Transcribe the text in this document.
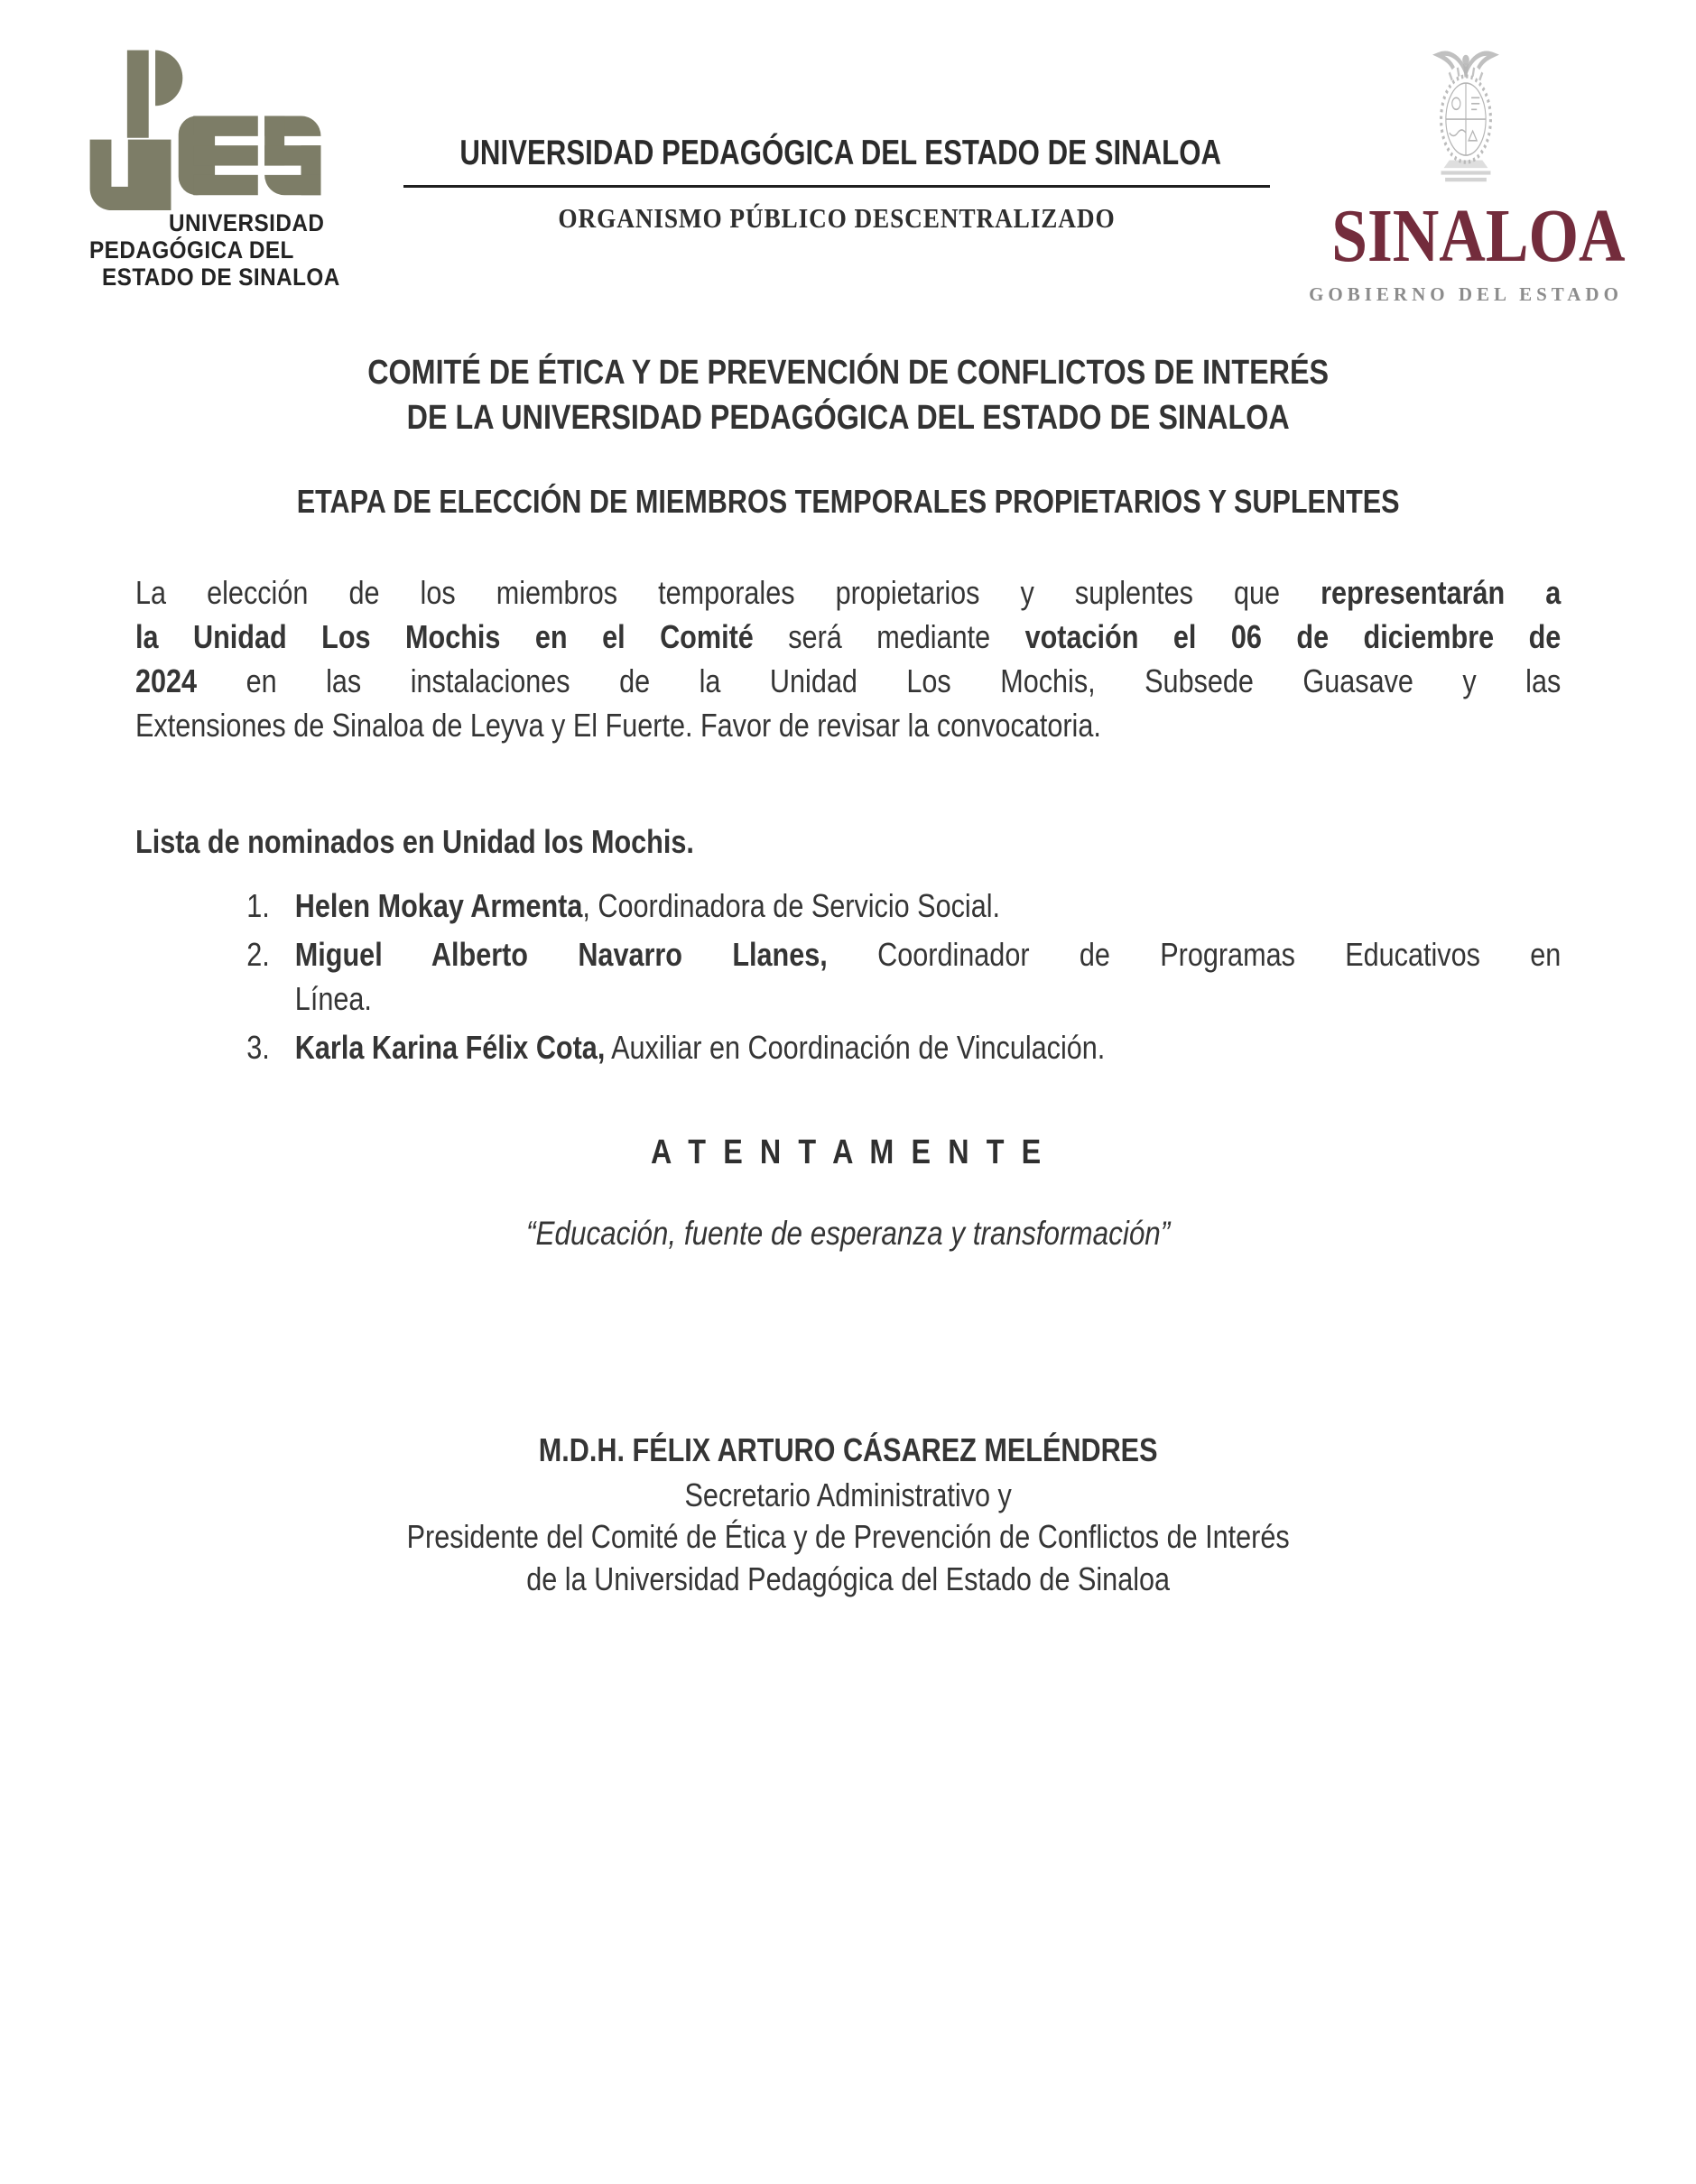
UNIVERSIDAD
PEDAGÓGICA DEL
ESTADO DE SINALOA
UNIVERSIDAD PEDAGÓGICA DEL ESTADO DE SINALOA
ORGANISMO PÚBLICO DESCENTRALIZADO	SINALOA
GOBIERNO DEL ESTADO
COMITÉ DE ÉTICA Y DE PREVENCIÓN DE CONFLICTOS DE INTERÉS
DE LA UNIVERSIDAD PEDAGÓGICA DEL ESTADO DE SINALOA
ETAPA DE ELECCIÓN DE MIEMBROS TEMPORALES PROPIETARIOS Y SUPLENTES
La elección de los miembros temporales propietarios y suplentes que representarán a
la Unidad Los Mochis en el Comité será mediante votación el 06 de diciembre de
2024 en las instalaciones de la Unidad Los Mochis, Subsede Guasave y las
Extensiones de Sinaloa de Leyva y El Fuerte. Favor de revisar la convocatoria.
Lista de nominados en Unidad los Mochis.
1. Helen Mokay Armenta, Coordinadora de Servicio Social.
2. Miguel Alberto Navarro Llanes, Coordinador de Programas Educativos en
Línea.
3. Karla Karina Félix Cota, Auxiliar en Coordinación de Vinculación.
A T E N T A M E N T E
“Educación, fuente de esperanza y transformación”
M.D.H. FÉLIX ARTURO CÁSAREZ MELÉNDRES
Secretario Administrativo y
Presidente del Comité de Ética y de Prevención de Conflictos de Interés
de la Universidad Pedagógica del Estado de Sinaloa
